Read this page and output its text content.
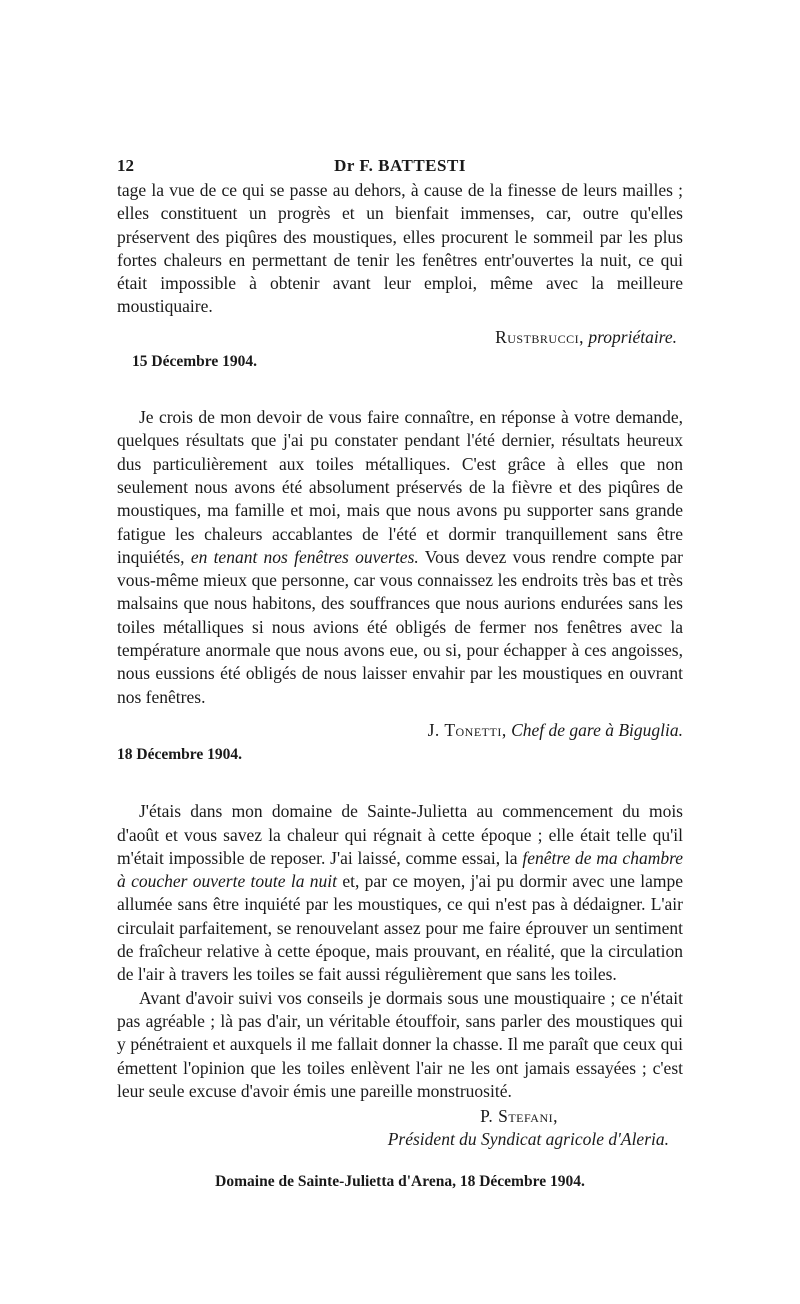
12	Dr F. BATTESTI

tage la vue de ce qui se passe au dehors, à cause de la finesse de leurs mailles ; elles constituent un progrès et un bienfait immenses, car, outre qu'elles préservent des piqûres des moustiques, elles procurent le sommeil par les plus fortes chaleurs en permettant de tenir les fenêtres entr'ouvertes la nuit, ce qui était impossible à obtenir avant leur emploi, même avec la meilleure moustiquaire.

Rustbrucci, propriétaire.

15 Décembre 1904.

Je crois de mon devoir de vous faire connaître, en réponse à votre demande, quelques résultats que j'ai pu constater pendant l'été dernier, résultats heureux dus particulièrement aux toiles métalliques. C'est grâce à elles que non seulement nous avons été absolument préservés de la fièvre et des piqûres de moustiques, ma famille et moi, mais que nous avons pu supporter sans grande fatigue les chaleurs accablantes de l'été et dormir tranquillement sans être inquiétés, en tenant nos fenêtres ouvertes. Vous devez vous rendre compte par vous-même mieux que personne, car vous connaissez les endroits très bas et très malsains que nous habitons, des souffrances que nous aurions endurées sans les toiles métalliques si nous avions été obligés de fermer nos fenêtres avec la température anormale que nous avons eue, ou si, pour échapper à ces angoisses, nous eussions été obligés de nous laisser envahir par les moustiques en ouvrant nos fenêtres.

J. Tonetti, Chef de gare à Biguglia.

18 Décembre 1904.

J'étais dans mon domaine de Sainte-Julietta au commencement du mois d'août et vous savez la chaleur qui régnait à cette époque ; elle était telle qu'il m'était impossible de reposer. J'ai laissé, comme essai, la fenêtre de ma chambre à coucher ouverte toute la nuit et, par ce moyen, j'ai pu dormir avec une lampe allumée sans être inquiété par les moustiques, ce qui n'est pas à dédaigner. L'air circulait parfaitement, se renouvelant assez pour me faire éprouver un sentiment de fraîcheur relative à cette époque, mais prouvant, en réalité, que la circulation de l'air à travers les toiles se fait aussi régulièrement que sans les toiles.

Avant d'avoir suivi vos conseils je dormais sous une moustiquaire ; ce n'était pas agréable ; là pas d'air, un véritable étouffoir, sans parler des moustiques qui y pénétraient et auxquels il me fallait donner la chasse. Il me paraît que ceux qui émettent l'opinion que les toiles enlèvent l'air ne les ont jamais essayées ; c'est leur seule excuse d'avoir émis une pareille monstruosité.

P. Stefani,

Président du Syndicat agricole d'Aleria.

Domaine de Sainte-Julietta d'Arena, 18 Décembre 1904.
